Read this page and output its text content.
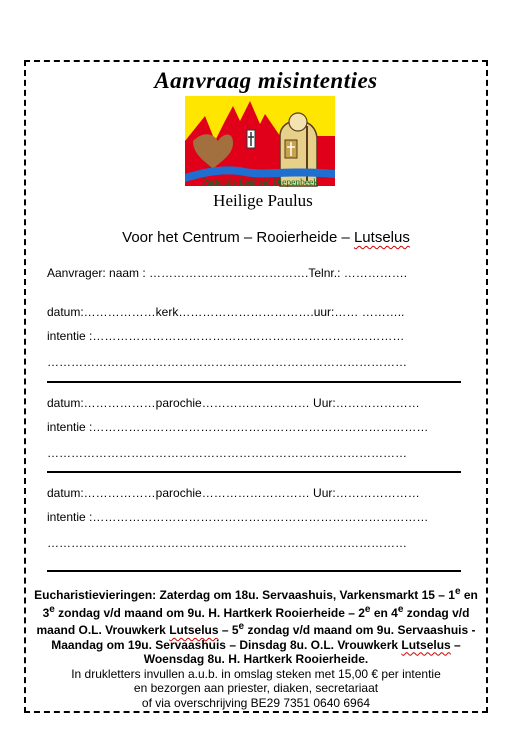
Aanvraag misintenties
Pastorale Eenheid Diepenbeek
Heilige Paulus
Voor het Centrum – Rooierheide – Lutselus
Aanvrager: naam : ………………………………….Telnr.: …………….
datum:………………kerk…………………………….uur:…… ………..
intentie :……………………………………………………………………
………………………………………………………………………………
datum:………………parochie……………………… Uur:…………………
intentie :…………………………………………………………………………
………………………………………………………………………………
datum:………………parochie……………………… Uur:…………………
intentie :…………………………………………………………………………
………………………………………………………………………………
Eucharistievieringen: Zaterdag om 18u. Servaashuis, Varkensmarkt 15 – 1e en
3e zondag v/d maand om 9u. H. Hartkerk Rooierheide – 2e en 4e zondag v/d
maand O.L. Vrouwkerk Lutselus – 5e zondag v/d maand om 9u. Servaashuis -
Maandag om 19u. Servaashuis – Dinsdag 8u. O.L. Vrouwkerk Lutselus –
Woensdag 8u. H. Hartkerk Rooierheide.
In drukletters invullen a.u.b. in omslag steken met 15,00 € per intentie
en bezorgen aan priester, diaken, secretariaat
of via overschrijving BE29 7351 0640 6964
